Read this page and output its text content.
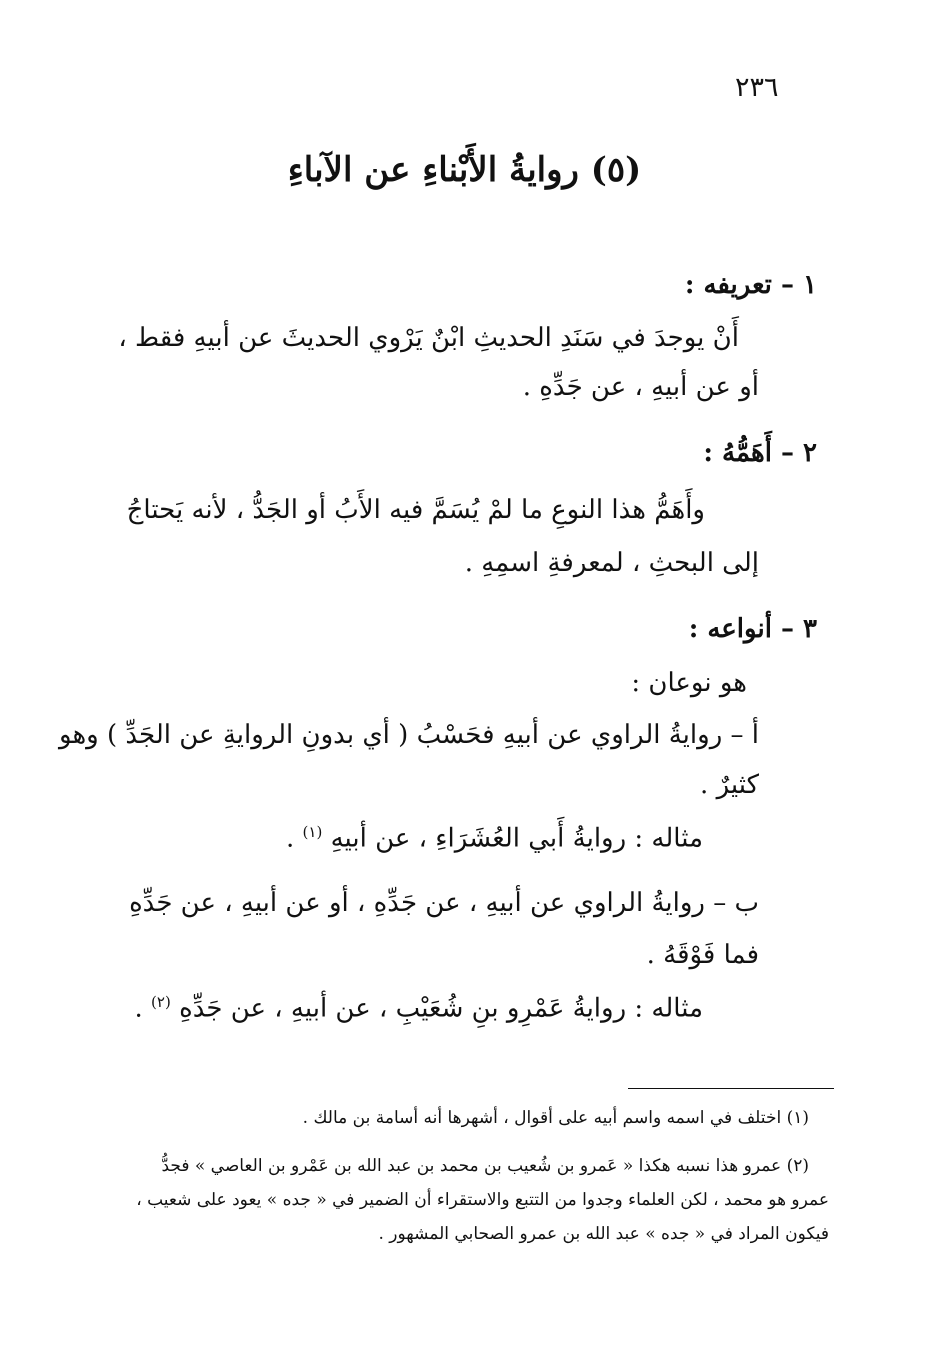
٢٣٦
(٥) روايةُ الأَبْناءِ عن الآباءِ
١ – تعريفه :
أَنْ يوجدَ في سَنَدِ الحديثِ ابْنٌ يَرْوي الحديثَ عن أبيهِ فقط ،
أو عن أبيهِ ، عن جَدِّهِ .
٢ – أَهَمُّهُ :
وأَهَمُّ هذا النوعِ ما لمْ يُسَمَّ فيه الأَبُ أو الجَدُّ ، لأنه يَحتاجُ
إلى البحثِ ، لمعرفةِ اسمِهِ .
٣ – أنواعه :
هو نوعان :
أ – روايةُ الراوي عن أبيهِ فحَسْبُ ( أي بدونِ الروايةِ عن الجَدِّ ) وهو
كثيرٌ .
مثاله : روايةُ أَبي العُشَرَاءِ ، عن أبيهِ $^{(١)}$ .
ب – روايةُ الراوي عن أبيهِ ، عن جَدِّهِ ، أو عن أبيهِ ، عن جَدِّهِ
فما فَوْقَهُ .
مثاله : روايةُ عَمْرِو بنِ شُعَيْبِ ، عن أبيهِ ، عن جَدِّهِ $^{(٢)}$ .
(١) اختلف في اسمه واسم أبيه على أقوال ، أشهرها أنه أسامة بن مالك .
(٢) عمرو هذا نسبه هكذا « عَمرو بن شُعيب بن محمد بن عبد الله بن عَمْرو بن العاصي » فجدُّ
عمرو هو محمد ، لكن العلماء وجدوا من التتبع والاستقراء أن الضمير في « جده » يعود على شعيب ،
فيكون المراد في « جده » عبد الله بن عمرو الصحابي المشهور .
